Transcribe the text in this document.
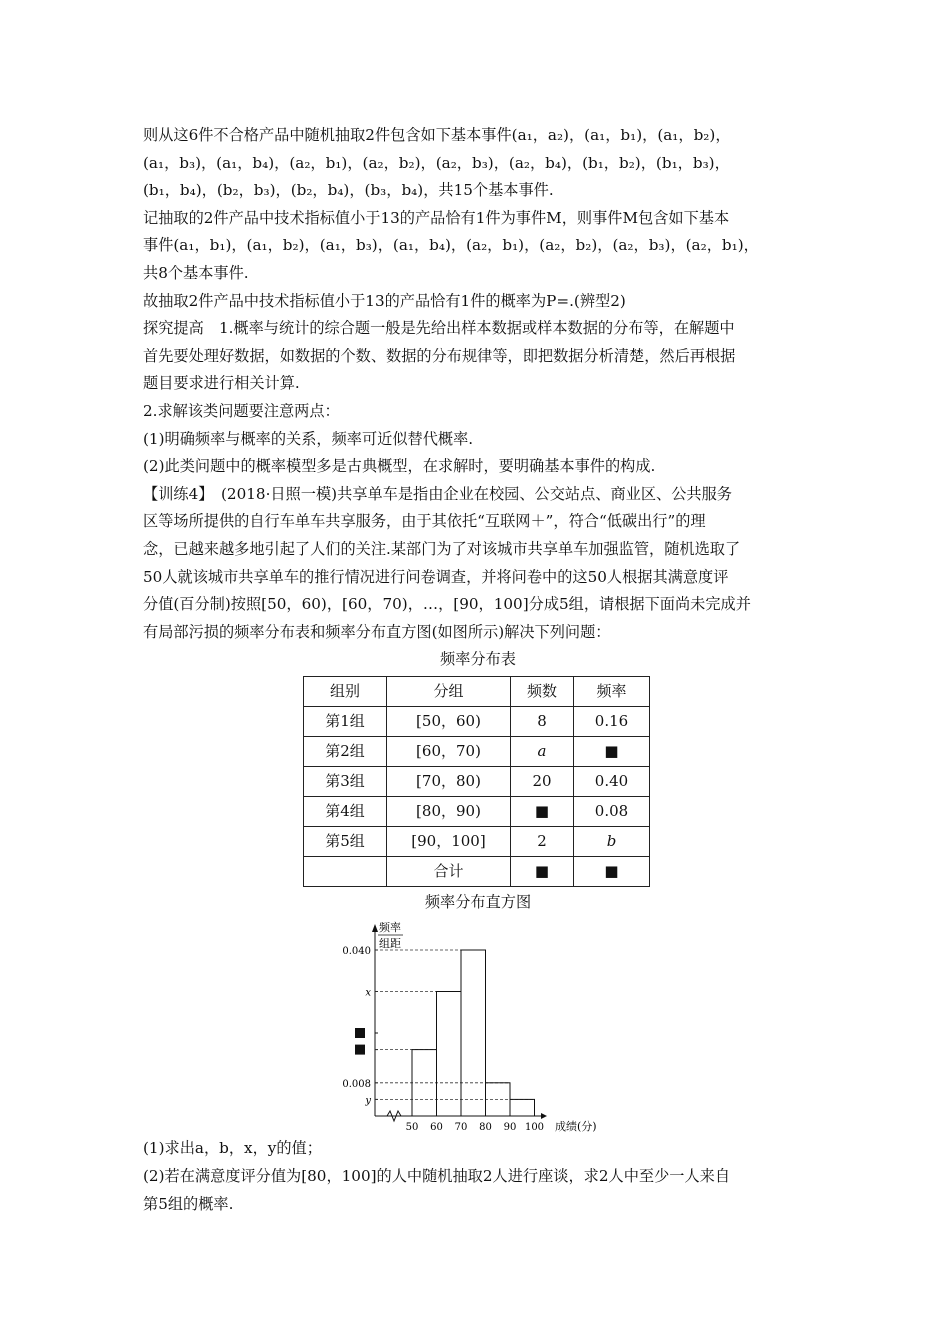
则从这6件不合格产品中随机抽取2件包含如下基本事件(a₁，a₂)，(a₁，b₁)，(a₁，b₂)，

(a₁，b₃)，(a₁，b₄)，(a₂，b₁)，(a₂，b₂)，(a₂，b₃)，(a₂，b₄)，(b₁，b₂)，(b₁，b₃)，

(b₁，b₄)，(b₂，b₃)，(b₂，b₄)，(b₃，b₄)，共15个基本事件.

记抽取的2件产品中技术指标值小于13的产品恰有1件为事件M，则事件M包含如下基本

事件(a₁，b₁)，(a₁，b₂)，(a₁，b₃)，(a₁，b₄)，(a₂，b₁)，(a₂，b₂)，(a₂，b₃)，(a₂，b₁)，

共8个基本事件.

故抽取2件产品中技术指标值小于13的产品恰有1件的概率为P=.(辨型2)

探究提高　1.概率与统计的综合题一般是先给出样本数据或样本数据的分布等，在解题中

首先要处理好数据，如数据的个数、数据的分布规律等，即把数据分析清楚，然后再根据

题目要求进行相关计算.

2.求解该类问题要注意两点：

(1)明确频率与概率的关系，频率可近似替代概率.

(2)此类问题中的概率模型多是古典概型，在求解时，要明确基本事件的构成.

【训练4】　(2018·日照一模)共享单车是指由企业在校园、公交站点、商业区、公共服务

区等场所提供的自行车单车共享服务，由于其依托“互联网＋”，符合“低碳出行”的理

念，已越来越多地引起了人们的关注.某部门为了对该城市共享单车加强监管，随机选取了

50人就该城市共享单车的推行情况进行问卷调查，并将问卷中的这50人根据其满意度评

分值(百分制)按照[50，60)，[60，70)，…，[90，100]分成5组，请根据下面尚未完成并

有局部污损的频率分布表和频率分布直方图(如图所示)解决下列问题：

频率分布表

组别	分组	频数	频率
第1组	[50，60)	8	0.16
第2组	[60，70)	a	■
第3组	[70，80)	20	0.40
第4组	[80，90)	■	0.08
第5组	[90，100]	2	b
	合计	■	■

频率分布直方图

频率
组距
0.040
x
0.008
y
50 60 70 80 90 100 成绩(分)

(1)求出a，b，x，y的值；

(2)若在满意度评分值为[80，100]的人中随机抽取2人进行座谈，求2人中至少一人来自

第5组的概率.
